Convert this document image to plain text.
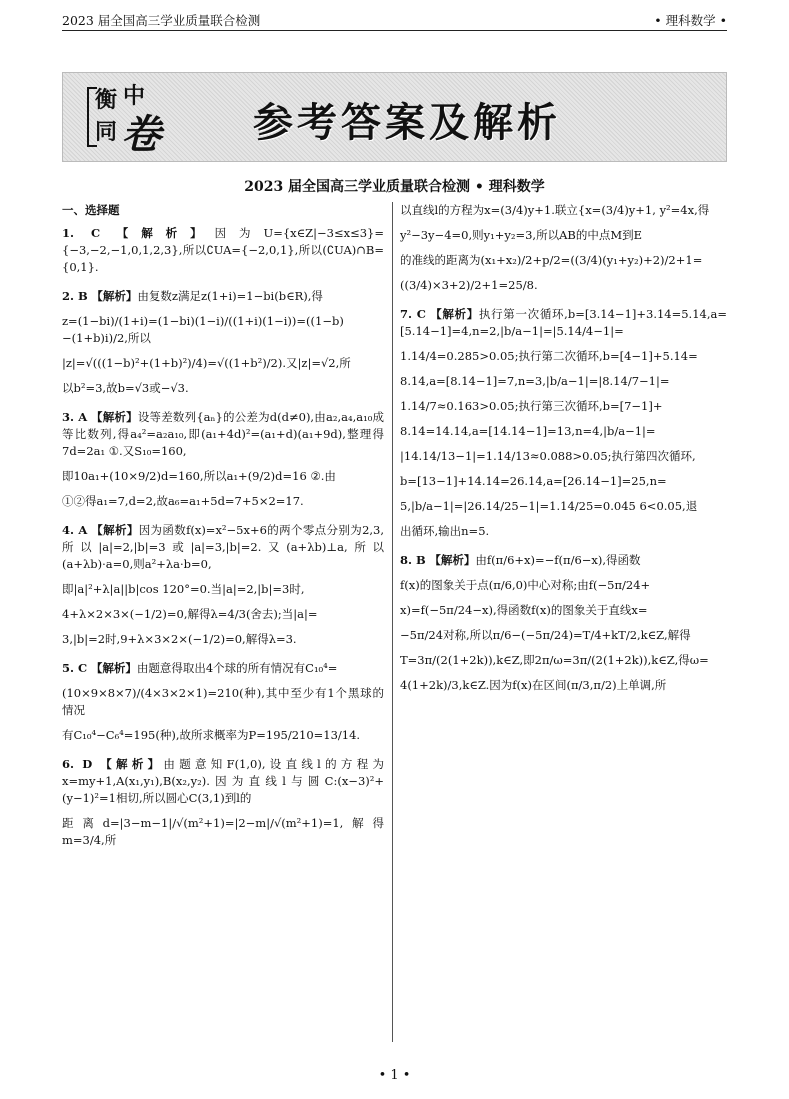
2023 届全国高三学业质量联合检测	• 理科数学 •
衡 中
同 卷 参考答案及解析
2023 届全国高三学业质量联合检测 • 理科数学
一、选择题

1. C 【解析】因为U={x∈Z|−3≤x≤3}={−3,−2,−1,0,1,2,3},所以∁UA={−2,0,1},所以(∁UA)∩B={0,1}.

2. B 【解析】由复数z满足z(1+i)=1−bi(b∈R),得

z=(1−bi)/(1+i)=(1−bi)(1−i)/((1+i)(1−i))=((1−b)−(1+b)i)/2,所以

|z|=√(((1−b)²+(1+b)²)/4)=√((1+b²)/2).又|z|=√2,所

以b²=3,故b=√3或−√3.

3. A 【解析】设等差数列{aₙ}的公差为d(d≠0),由a₂,a₄,a₁₀成等比数列,得a₄²=a₂a₁₀,即(a₁+4d)²=(a₁+d)(a₁+9d),整理得7d=2a₁ ①.又S₁₀=160,

即10a₁+(10×9/2)d=160,所以a₁+(9/2)d=16 ②.由

①②得a₁=7,d=2,故a₆=a₁+5d=7+5×2=17.

4. A 【解析】因为函数f(x)=x²−5x+6的两个零点分别为2,3,所以|a|=2,|b|=3或|a|=3,|b|=2.又(a+λb)⊥a,所以(a+λb)·a=0,则a²+λa·b=0,

即|a|²+λ|a||b|cos 120°=0.当|a|=2,|b|=3时,

4+λ×2×3×(−1/2)=0,解得λ=4/3(舍去);当|a|=

3,|b|=2时,9+λ×3×2×(−1/2)=0,解得λ=3.

5. C 【解析】由题意得取出4个球的所有情况有C₁₀⁴=

(10×9×8×7)/(4×3×2×1)=210(种),其中至少有1个黑球的情况

有C₁₀⁴−C₆⁴=195(种),故所求概率为P=195/210=13/14.

6. D 【解析】由题意知F(1,0),设直线l的方程为x=my+1,A(x₁,y₁),B(x₂,y₂).因为直线l与圆C:(x−3)²+(y−1)²=1相切,所以圆心C(3,1)到l的

距离d=|3−m−1|/√(m²+1)=|2−m|/√(m²+1)=1,解得m=3/4,所

以直线l的方程为x=(3/4)y+1.联立{x=(3/4)y+1, y²=4x,得

y²−3y−4=0,则y₁+y₂=3,所以AB的中点M到E

的准线的距离为(x₁+x₂)/2+p/2=((3/4)(y₁+y₂)+2)/2+1=

((3/4)×3+2)/2+1=25/8.

7. C 【解析】执行第一次循环,b=[3.14−1]+3.14=5.14,a=[5.14−1]=4,n=2,|b/a−1|=|5.14/4−1|=

1.14/4=0.285>0.05;执行第二次循环,b=[4−1]+5.14=

8.14,a=[8.14−1]=7,n=3,|b/a−1|=|8.14/7−1|=

1.14/7≈0.163>0.05;执行第三次循环,b=[7−1]+

8.14=14.14,a=[14.14−1]=13,n=4,|b/a−1|=

|14.14/13−1|=1.14/13≈0.088>0.05;执行第四次循环,

b=[13−1]+14.14=26.14,a=[26.14−1]=25,n=

5,|b/a−1|=|26.14/25−1|=1.14/25=0.045 6<0.05,退

出循环,输出n=5.

8. B 【解析】由f(π/6+x)=−f(π/6−x),得函数

f(x)的图象关于点(π/6,0)中心对称;由f(−5π/24+

x)=f(−5π/24−x),得函数f(x)的图象关于直线x=

−5π/24对称,所以π/6−(−5π/24)=T/4+kT/2,k∈Z,解得

T=3π/(2(1+2k)),k∈Z,即2π/ω=3π/(2(1+2k)),k∈Z,得ω=

4(1+2k)/3,k∈Z.因为f(x)在区间(π/3,π/2)上单调,所

• 1 •
